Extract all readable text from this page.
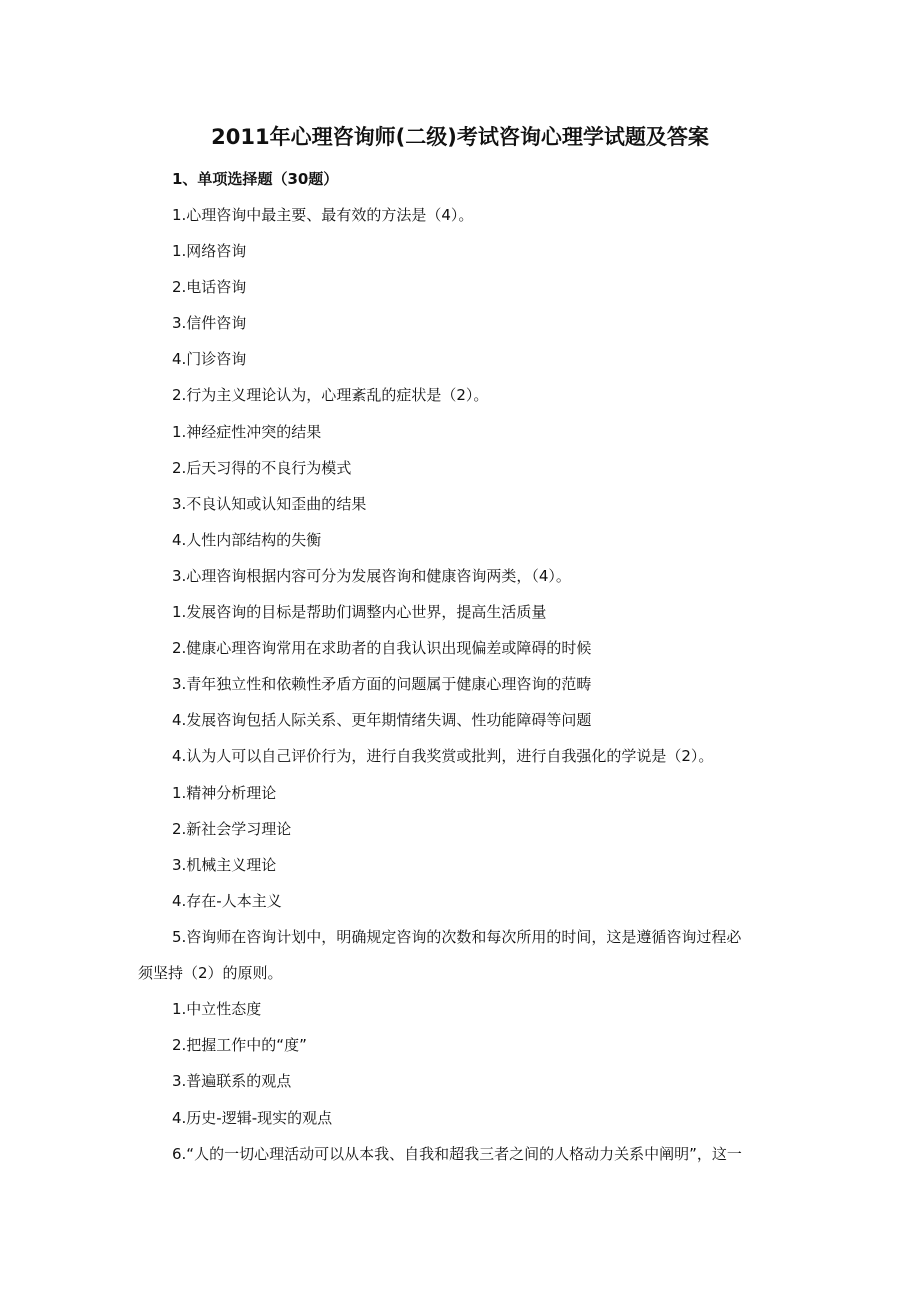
2011年心理咨询师(二级)考试咨询心理学试题及答案
1、单项选择题（30题）
1.心理咨询中最主要、最有效的方法是（4）。
1.网络咨询
2.电话咨询
3.信件咨询
4.门诊咨询
2.行为主义理论认为，心理紊乱的症状是（2）。
1.神经症性冲突的结果
2.后天习得的不良行为模式
3.不良认知或认知歪曲的结果
4.人性内部结构的失衡
3.心理咨询根据内容可分为发展咨询和健康咨询两类，（4）。
1.发展咨询的目标是帮助们调整内心世界，提高生活质量
2.健康心理咨询常用在求助者的自我认识出现偏差或障碍的时候
3.青年独立性和依赖性矛盾方面的问题属于健康心理咨询的范畴
4.发展咨询包括人际关系、更年期情绪失调、性功能障碍等问题
4.认为人可以自己评价行为，进行自我奖赏或批判，进行自我强化的学说是（2）。
1.精神分析理论
2.新社会学习理论
3.机械主义理论
4.存在-人本主义
5.咨询师在咨询计划中，明确规定咨询的次数和每次所用的时间，这是遵循咨询过程必
须坚持（2）的原则。
1.中立性态度
2.把握工作中的“度”
3.普遍联系的观点
4.历史-逻辑-现实的观点
6.“人的一切心理活动可以从本我、自我和超我三者之间的人格动力关系中阐明”，这一
